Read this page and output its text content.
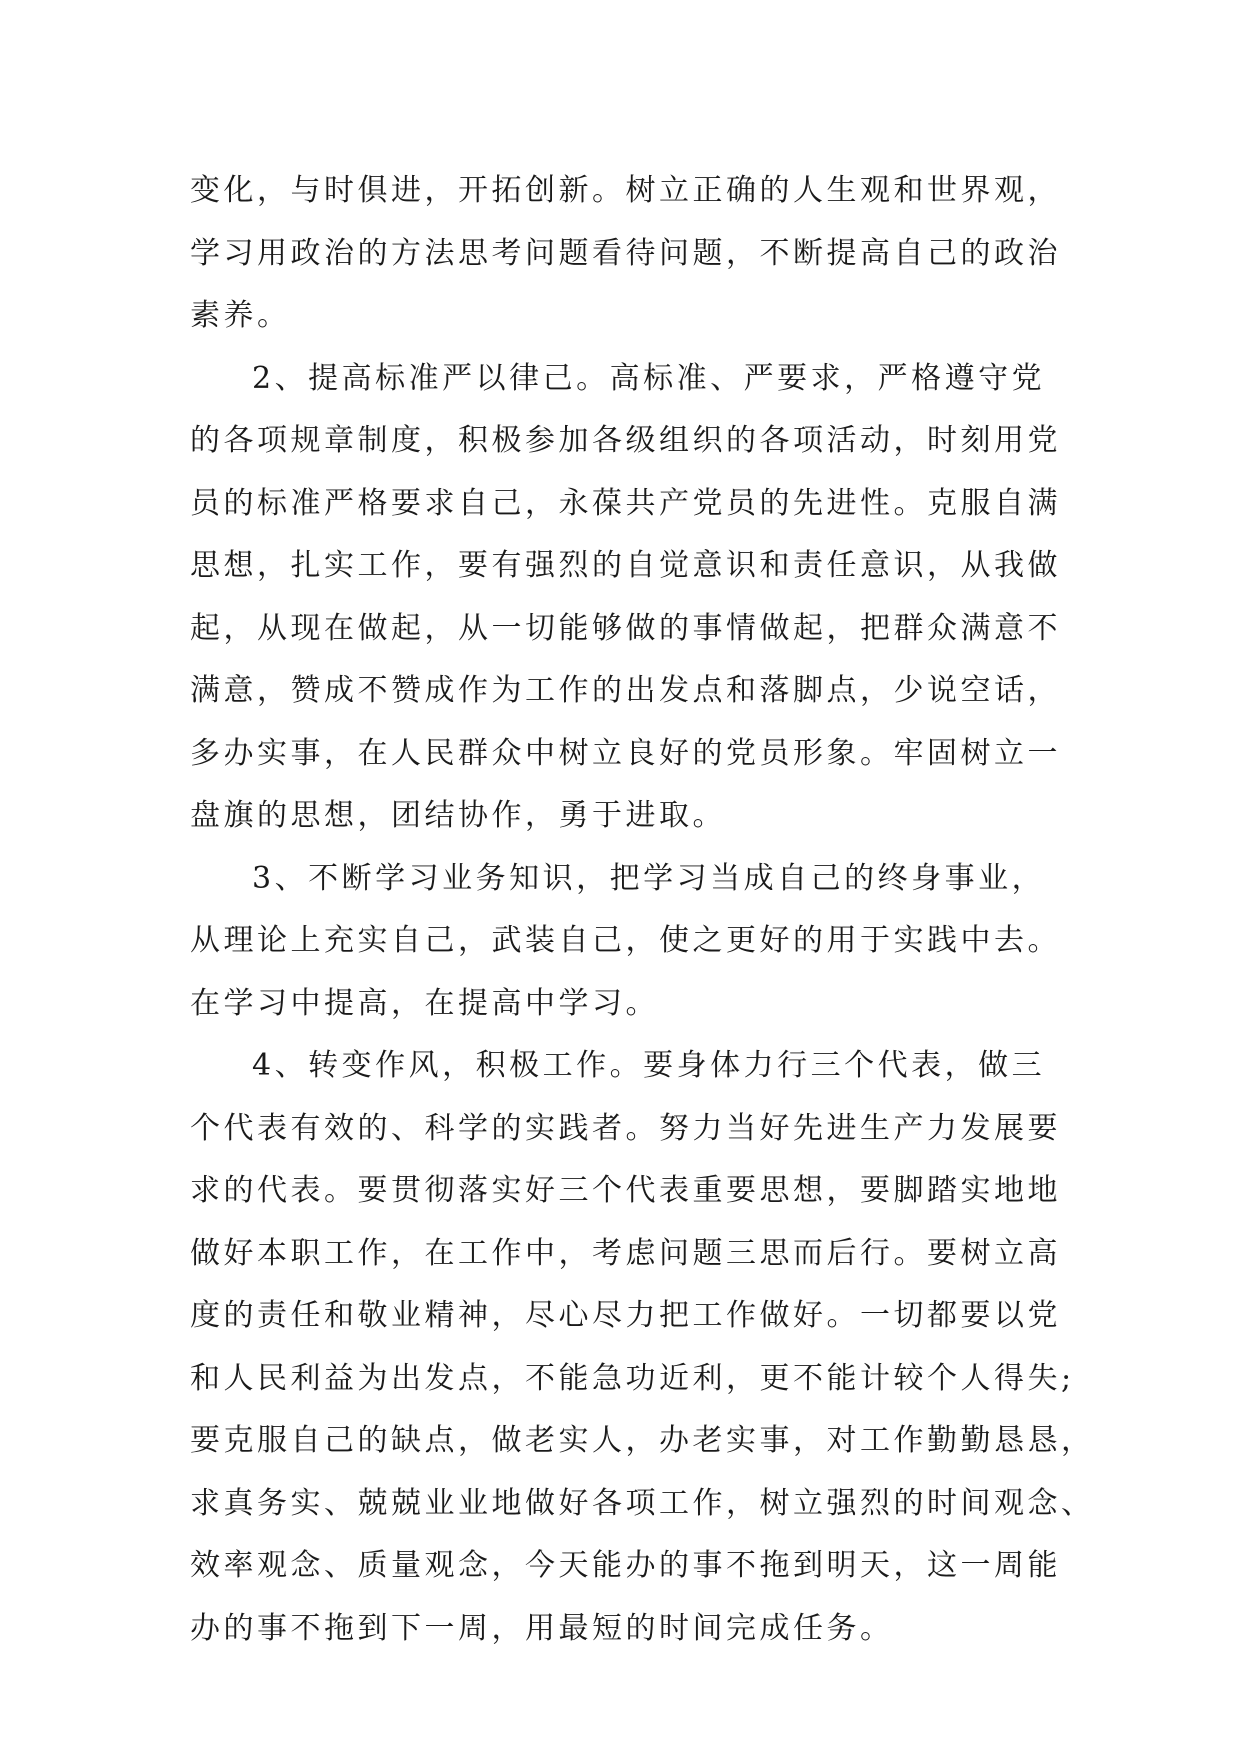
变化，与时俱进，开拓创新。树立正确的人生观和世界观，
学习用政治的方法思考问题看待问题，不断提高自己的政治
素养。
2、提高标准严以律己。高标准、严要求，严格遵守党
的各项规章制度，积极参加各级组织的各项活动，时刻用党
员的标准严格要求自己，永葆共产党员的先进性。克服自满
思想，扎实工作，要有强烈的自觉意识和责任意识，从我做
起，从现在做起，从一切能够做的事情做起，把群众满意不
满意，赞成不赞成作为工作的出发点和落脚点，少说空话，
多办实事，在人民群众中树立良好的党员形象。牢固树立一
盘旗的思想，团结协作，勇于进取。
3、不断学习业务知识，把学习当成自己的终身事业，
从理论上充实自己，武装自己，使之更好的用于实践中去。
在学习中提高，在提高中学习。
4、转变作风，积极工作。要身体力行三个代表，做三
个代表有效的、科学的实践者。努力当好先进生产力发展要
求的代表。要贯彻落实好三个代表重要思想，要脚踏实地地
做好本职工作，在工作中，考虑问题三思而后行。要树立高
度的责任和敬业精神，尽心尽力把工作做好。一切都要以党
和人民利益为出发点，不能急功近利，更不能计较个人得失;
要克服自己的缺点，做老实人，办老实事，对工作勤勤恳恳，
求真务实、兢兢业业地做好各项工作，树立强烈的时间观念、
效率观念、质量观念，今天能办的事不拖到明天，这一周能
办的事不拖到下一周，用最短的时间完成任务。
